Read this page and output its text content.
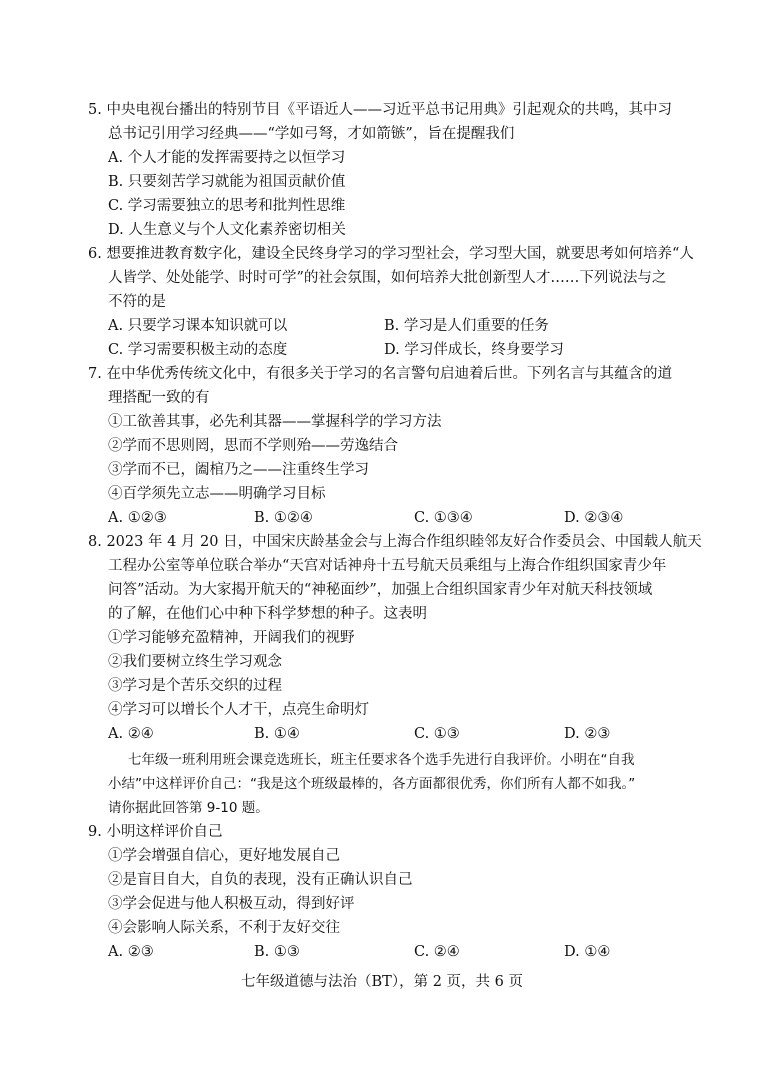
5. 中央电视台播出的特别节目《平语近人——习近平总书记用典》引起观众的共鸣，其中习
总书记引用学习经典——“学如弓弩，才如箭镞”，旨在提醒我们
A. 个人才能的发挥需要持之以恒学习
B. 只要刻苦学习就能为祖国贡献价值
C. 学习需要独立的思考和批判性思维
D. 人生意义与个人文化素养密切相关
6. 想要推进教育数字化，建设全民终身学习的学习型社会，学习型大国，就要思考如何培养“人
人皆学、处处能学、时时可学”的社会氛围，如何培养大批创新型人才……下列说法与之
不符的是
A. 只要学习课本知识就可以	B. 学习是人们重要的任务
C. 学习需要积极主动的态度	D. 学习伴成长，终身要学习
7. 在中华优秀传统文化中，有很多关于学习的名言警句启迪着后世。下列名言与其蕴含的道
理搭配一致的有
①工欲善其事，必先利其器——掌握科学的学习方法
②学而不思则罔，思而不学则殆——劳逸结合
③学而不已，阖棺乃之——注重终生学习
④百学须先立志——明确学习目标
A. ①②③	B. ①②④	C. ①③④	D. ②③④
8. 2023 年 4 月 20 日，中国宋庆龄基金会与上海合作组织睦邻友好合作委员会、中国载人航天
工程办公室等单位联合举办“天宫对话神舟十五号航天员乘组与上海合作组织国家青少年
问答”活动。为大家揭开航天的“神秘面纱”，加强上合组织国家青少年对航天科技领域
的了解，在他们心中种下科学梦想的种子。这表明
①学习能够充盈精神，开阔我们的视野
②我们要树立终生学习观念
③学习是个苦乐交织的过程
④学习可以增长个人才干，点亮生命明灯
A. ②④	B. ①④	C. ①③	D. ②③
七年级一班利用班会课竞选班长，班主任要求各个选手先进行自我评价。小明在“自我
小结”中这样评价自己：“我是这个班级最棒的，各方面都很优秀，你们所有人都不如我。”
请你据此回答第 9-10 题。
9. 小明这样评价自己
①学会增强自信心，更好地发展自己
②是盲目自大，自负的表现，没有正确认识自己
③学会促进与他人积极互动，得到好评
④会影响人际关系，不利于友好交往
A. ②③	B. ①③	C. ②④	D. ①④
七年级道德与法治（BT），第 2 页，共 6 页
